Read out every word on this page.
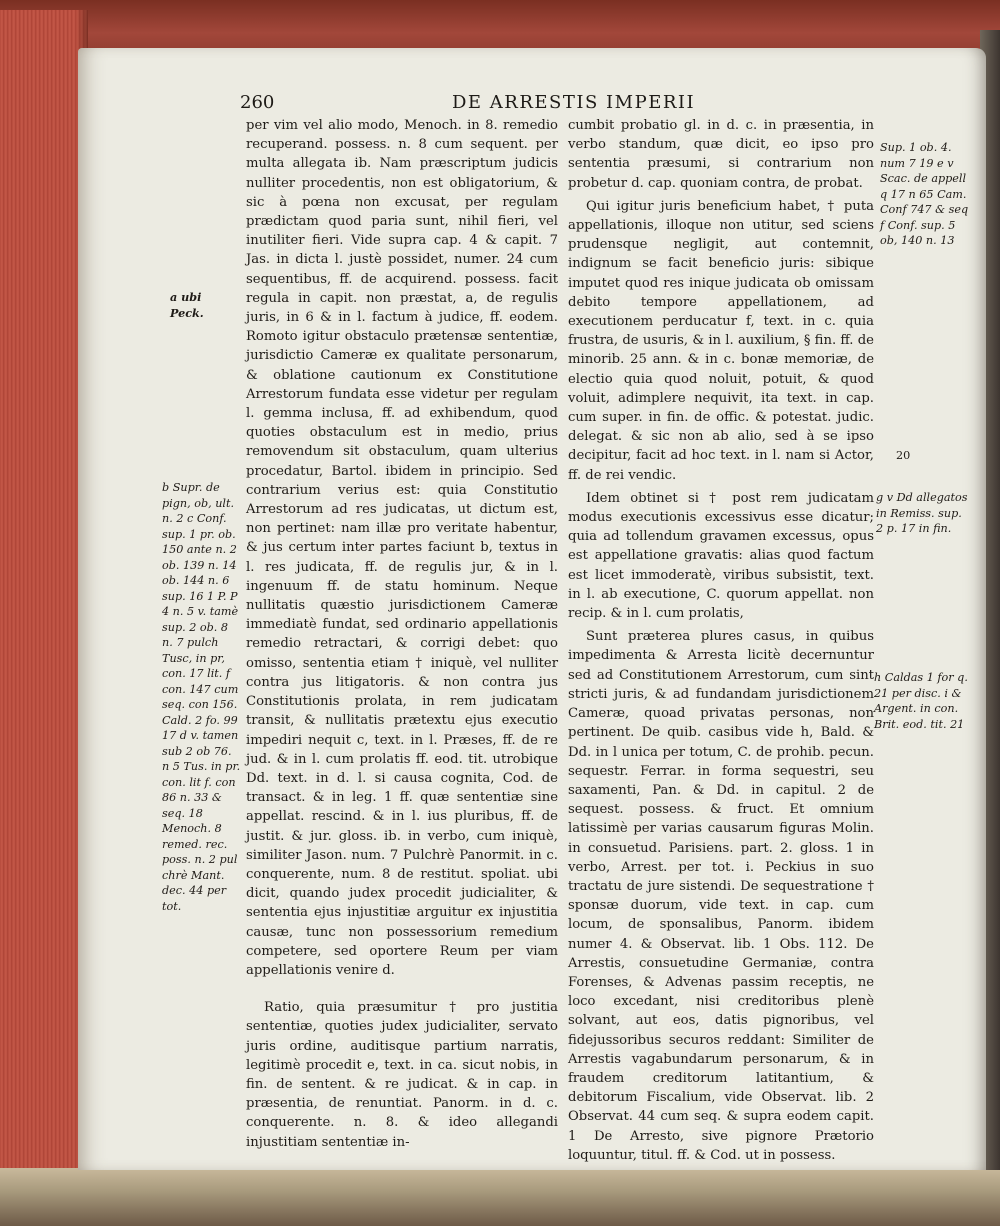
260	DE ARRESTIS IMPERII

per vim vel alio modo, Menoch. in 8. remedio recuperand. possess. n. 8 cum sequent. per multa allegata ib. Nam præscriptum judicis nulliter procedentis, non est obligatorium, & sic à pœna non excusat, per regulam prædictam quod paria sunt, nihil fieri, vel inutiliter fieri. Vide supra cap. 4 & capit. 7 Jas. in dicta l. justè possidet, numer. 24 cum sequentibus, ff. de acquirend. possess. facit regula in capit. non præstat, a, de regulis juris, in 6 & in l. factum à judice, ff. eodem. Romoto igitur obstaculo prætensæ sententiæ, jurisdictio Cameræ ex qualitate personarum, & oblatione cautionum ex Constitutione Arrestorum fundata esse videtur per regulam l. gemma inclusa, ff. ad exhibendum, quod quoties obstaculum est in medio, prius removendum sit obstaculum, quam ulterius procedatur, Bartol. ibidem in principio. Sed contrarium verius est: quia Constitutio Arrestorum ad res judicatas, ut dictum est, non pertinet: nam illæ pro veritate habentur, & jus certum inter partes faciunt b, textus in l. res judicata, ff. de regulis jur, & in l. ingenuum ff. de statu hominum. Neque nullitatis quæstio jurisdictionem Cameræ immediatè fundat, sed ordinario appellationis remedio retractari, & corrigi debet: quo omisso, sententia etiam † iniquè, vel nulliter contra jus litigatoris. & non contra jus Constitutionis prolata, in rem judicatam transit, & nullitatis prætextu ejus executio impediri nequit c, text. in l. Præses, ff. de re jud. & in l. cum prolatis ff. eod. tit. utrobique Dd. text. in d. l. si causa cognita, Cod. de transact. & in leg. 1 ff. quæ sententiæ sine appellat. rescind. & in l. ius pluribus, ff. de justit. & jur. gloss. ib. in verbo, cum iniquè, similiter Jason. num. 7 Pulchrè Panormit. in c. conquerente, num. 8 de restitut. spoliat. ubi dicit, quando judex procedit judicialiter, & sententia ejus injustitiæ arguitur ex injustitia causæ, tunc non possessorium remedium competere, sed oportere Reum per viam appellationis venire d.

Ratio, quia præsumitur † pro justitia sententiæ, quoties judex judicialiter, servato juris ordine, auditisque partium narratis, legitimè procedit e, text. in ca. sicut nobis, in fin. de sentent. & re judicat. & in cap. in præsentia, de renuntiat. Panorm. in d. c. conquerente. n. 8. & ideo allegandi injustitiam sententiæ in-

cumbit probatio gl. in d. c. in præsentia, in verbo standum, quæ dicit, eo ipso pro sententia præsumi, si contrarium non probetur d. cap. quoniam contra, de probat.

Qui igitur juris beneficium habet, † puta appellationis, illoque non utitur, sed sciens prudensque negligit, aut contemnit, indignum se facit beneficio juris: sibique imputet quod res inique judicata ob omissam debito tempore appellationem, ad executionem perducatur f, text. in c. quia frustra, de usuris, & in l. auxilium, § fin. ff. de minorib. 25 ann. & in c. bonæ memoriæ, de electio quia quod noluit, potuit, & quod voluit, adimplere nequivit, ita text. in cap. cum super. in fin. de offic. & potestat. judic. delegat. & sic non ab alio, sed à se ipso decipitur, facit ad hoc text. in l. nam si Actor, ff. de rei vendic.

Idem obtinet si † post rem judicatam modus executionis excessivus esse dicatur; quia ad tollendum gravamen excessus, opus est appellatione gravatis: alias quod factum est licet immoderatè, viribus subsistit, text. in l. ab executione, C. quorum appellat. non recip. & in l. cum prolatis,

Sunt præterea plures casus, in quibus impedimenta & Arresta licitè decernuntur sed ad Constitutionem Arrestorum, cum sint stricti juris, & ad fundandam jurisdictionem Cameræ, quoad privatas personas, non pertinent. De quib. casibus vide h, Bald. & Dd. in l unica per totum, C. de prohib. pecun. sequestr. Ferrar. in forma sequestri, seu saxamenti, Pan. & Dd. in capitul. 2 de sequest. possess. & fruct. Et omnium latissimè per varias causarum figuras Molin. in consuetud. Parisiens. part. 2. gloss. 1 in verbo, Arrest. per tot. i. Peckius in suo tractatu de jure sistendi. De sequestratione † sponsæ duorum, vide text. in cap. cum locum, de sponsalibus, Panorm. ibidem numer 4. & Observat. lib. 1 Obs. 112. De Arrestis, consuetudine Germaniæ, contra Forenses, & Advenas passim receptis, ne loco excedant, nisi creditoribus plenè solvant, aut eos, datis pignoribus, vel fidejussoribus securos reddant: Similiter de Arrestis vagabundarum personarum, & in fraudem creditorum latitantium, & debitorum Fiscalium, vide Observat. lib. 2 Observat. 44 cum seq. & supra eodem capit. 1 De Arresto, sive pignore Prætorio loquuntur, titul. ff. & Cod. ut in possess.

a ubi Peck.
b Supr. de pign, ob, ult. n. 2 c Conf. sup. 1 pr. ob. 150 ante n. 2 ob. 139 n. 14 ob. 144 n. 6 sup. 16 1 P. P 4 n. 5 v. tamè sup. 2 ob. 8 n. 7 pulch Tusc, in pr, con. 17 lit. f con. 147 cum seq. con 156. Cald. 2 fo. 99 17 d v. tamen sub 2 ob 76. n 5 Tus. in pr. con. lit f. con 86 n. 33 & seq. 18 Menoch. 8 remed. rec. poss. n. 2 pul chrè Mant. dec. 44 per tot.
Sup. 1 ob. 4. num 7 19 e v Scac. de appell q 17 n 65 Cam. Conf 747 & seq f Conf. sup. 5 ob, 140 n. 13
20
g v Dd allegatos in Remiss. sup. 2 p. 17 in fin.
h Caldas 1 for q. 21 per disc. i & Argent. in con. Brit. eod. tit. 21
